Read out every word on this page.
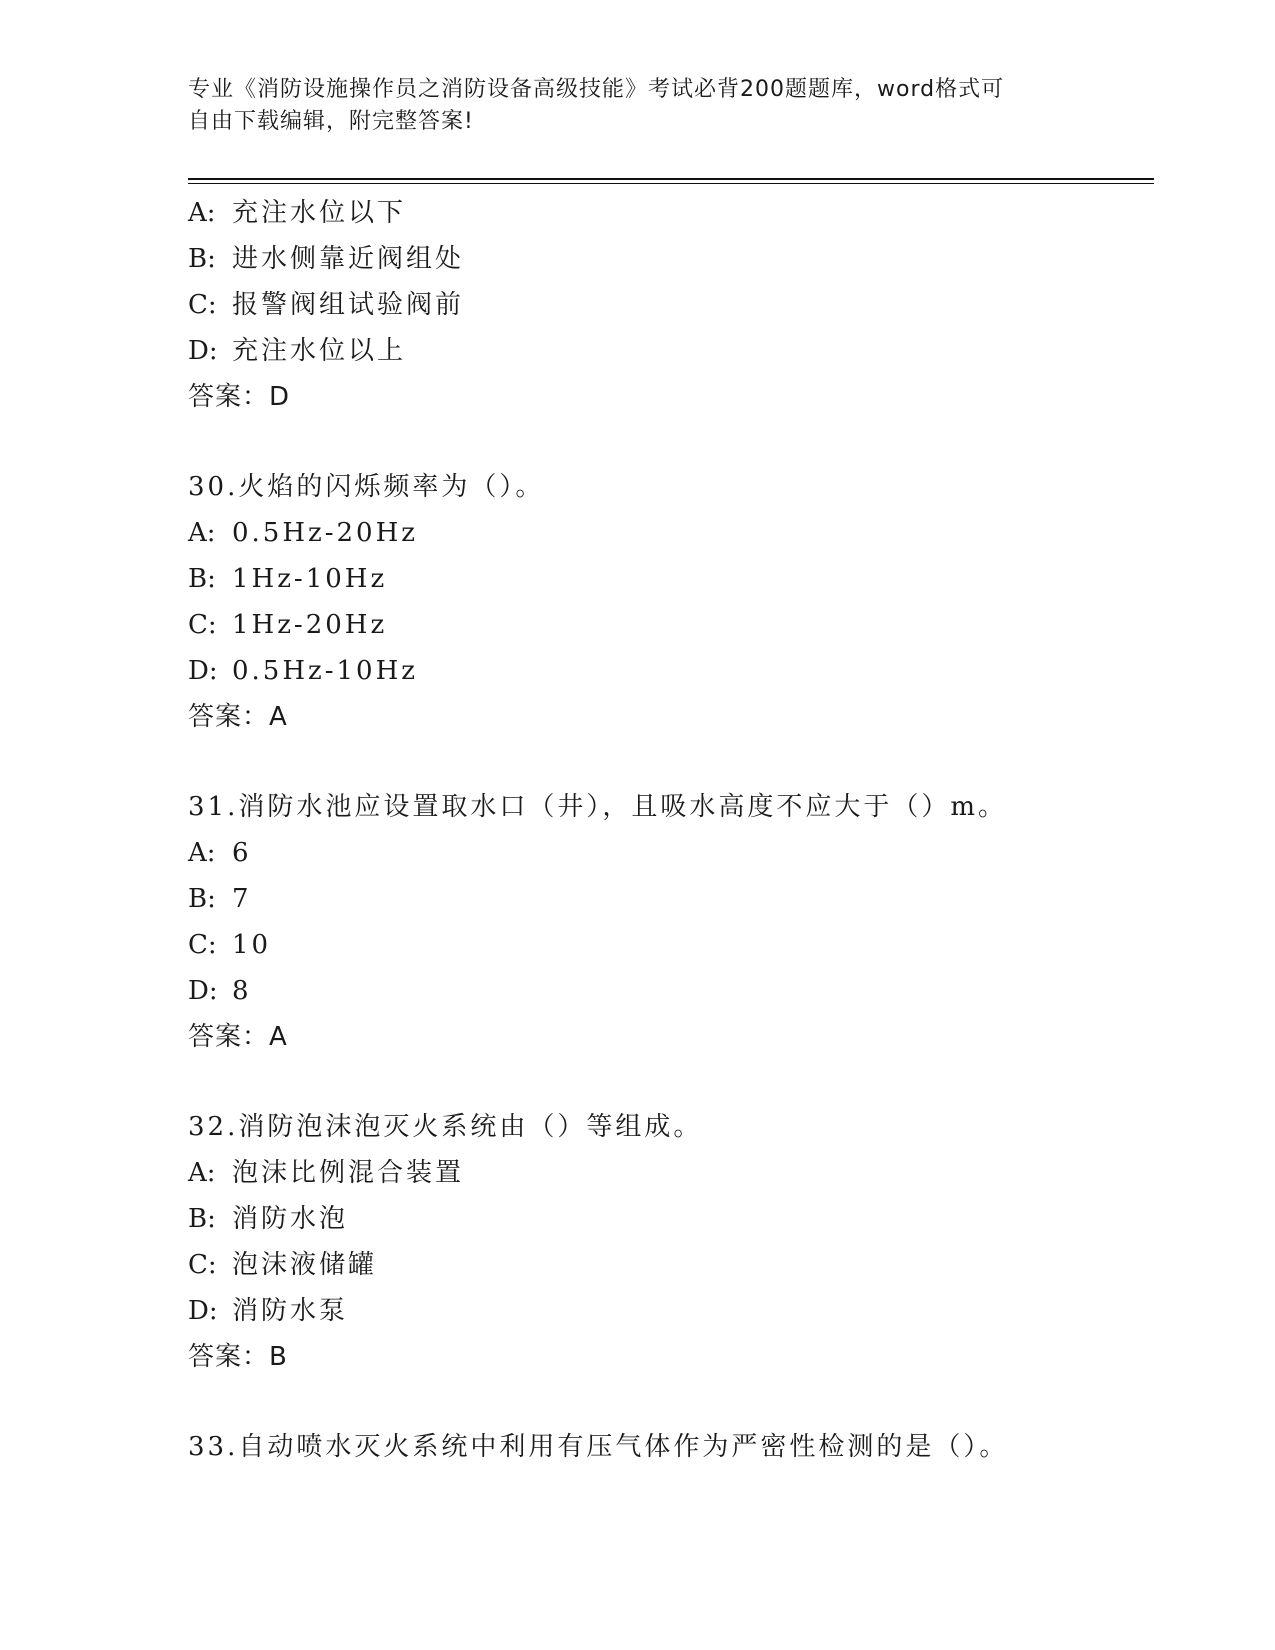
专业《消防设施操作员之消防设备高级技能》考试必背200题题库，word格式可
自由下载编辑，附完整答案!
A: 充注水位以下
B: 进水侧靠近阀组处
C: 报警阀组试验阀前
D: 充注水位以上
答案：D
30.火焰的闪烁频率为（）。
A: 0.5Hz-20Hz
B: 1Hz-10Hz
C: 1Hz-20Hz
D: 0.5Hz-10Hz
答案：A
31.消防水池应设置取水口（井），且吸水高度不应大于（）m。
A: 6
B: 7
C: 10
D: 8
答案：A
32.消防泡沫泡灭火系统由（）等组成。
A: 泡沫比例混合装置
B: 消防水泡
C: 泡沫液储罐
D: 消防水泵
答案：B
33.自动喷水灭火系统中利用有压气体作为严密性检测的是（）。
